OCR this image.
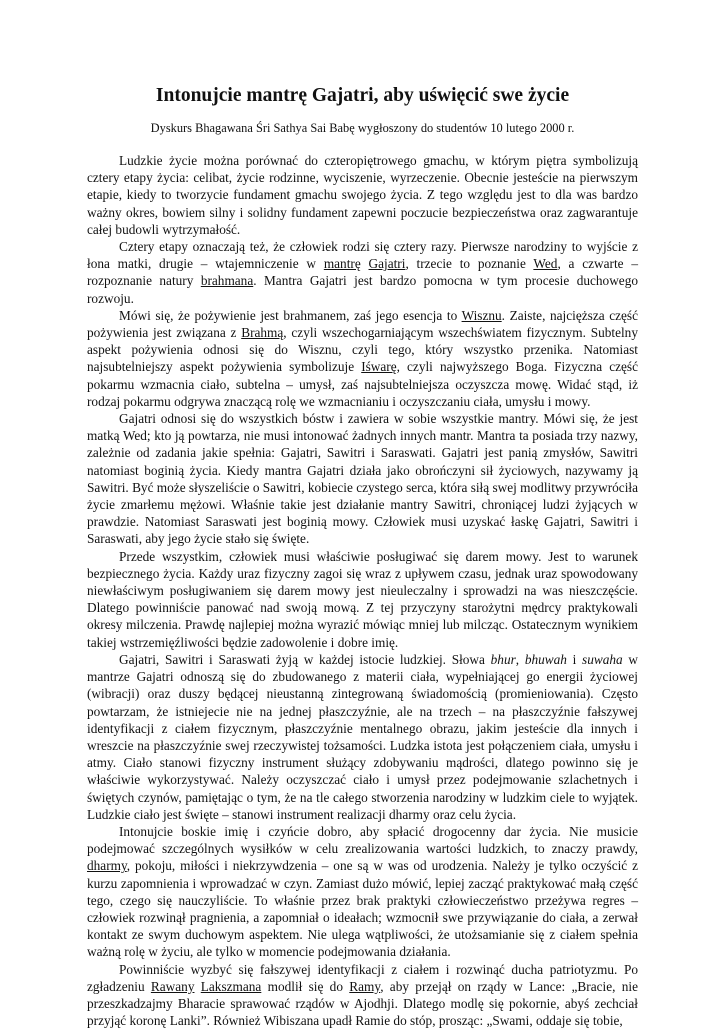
Intonujcie mantrę Gajatri, aby uświęcić swe życie
Dyskurs Bhagawana Śri Sathya Sai Babę wygłoszony do studentów 10 lutego 2000 r.

Ludzkie życie można porównać do czteropiętrowego gmachu, w którym piętra symbolizują cztery etapy życia: celibat, życie rodzinne, wyciszenie, wyrzeczenie. Obecnie jesteście na pierwszym etapie, kiedy to tworzycie fundament gmachu swojego życia. Z tego względu jest to dla was bardzo ważny okres, bowiem silny i solidny fundament zapewni poczucie bezpieczeństwa oraz zagwarantuje całej budowli wytrzymałość.

Cztery etapy oznaczają też, że człowiek rodzi się cztery razy. Pierwsze narodziny to wyjście z łona matki, drugie – wtajemniczenie w mantrę Gajatri, trzecie to poznanie Wed, a czwarte – rozpoznanie natury brahmana. Mantra Gajatri jest bardzo pomocna w tym procesie duchowego rozwoju.

Mówi się, że pożywienie jest brahmanem, zaś jego esencja to Wisznu. Zaiste, najcięższa część pożywienia jest związana z Brahmą, czyli wszechogarniającym wszechświatem fizycznym. Subtelny aspekt pożywienia odnosi się do Wisznu, czyli tego, który wszystko przenika. Natomiast najsubtelniejszy aspekt pożywienia symbolizuje Iśwarę, czyli najwyższego Boga. Fizyczna część pokarmu wzmacnia ciało, subtelna – umysł, zaś najsubtelniejsza oczyszcza mowę. Widać stąd, iż rodzaj pokarmu odgrywa znaczącą rolę we wzmacnianiu i oczyszczaniu ciała, umysłu i mowy.

Gajatri odnosi się do wszystkich bóstw i zawiera w sobie wszystkie mantry. Mówi się, że jest matką Wed; kto ją powtarza, nie musi intonować żadnych innych mantr. Mantra ta posiada trzy nazwy, zależnie od zadania jakie spełnia: Gajatri, Sawitri i Saraswati. Gajatri jest panią zmysłów, Sawitri natomiast boginią życia. Kiedy mantra Gajatri działa jako obrończyni sił życiowych, nazywamy ją Sawitri. Być może słyszeliście o Sawitri, kobiecie czystego serca, która siłą swej modlitwy przywróciła życie zmarłemu mężowi. Właśnie takie jest działanie mantry Sawitri, chroniącej ludzi żyjących w prawdzie. Natomiast Saraswati jest boginią mowy. Człowiek musi uzyskać łaskę Gajatri, Sawitri i Saraswati, aby jego życie stało się święte.

Przede wszystkim, człowiek musi właściwie posługiwać się darem mowy. Jest to warunek bezpiecznego życia. Każdy uraz fizyczny zagoi się wraz z upływem czasu, jednak uraz spowodowany niewłaściwym posługiwaniem się darem mowy jest nieuleczalny i sprowadzi na was nieszczęście. Dlatego powinniście panować nad swoją mową. Z tej przyczyny starożytni mędrcy praktykowali okresy milczenia. Prawdę najlepiej można wyrazić mówiąc mniej lub milcząc. Ostatecznym wynikiem takiej wstrzemięźliwości będzie zadowolenie i dobre imię.

Gajatri, Sawitri i Saraswati żyją w każdej istocie ludzkiej. Słowa bhur, bhuwah i suwaha w mantrze Gajatri odnoszą się do zbudowanego z materii ciała, wypełniającej go energii życiowej (wibracji) oraz duszy będącej nieustanną zintegrowaną świadomością (promieniowania). Często powtarzam, że istniejecie nie na jednej płaszczyźnie, ale na trzech – na płaszczyźnie fałszywej identyfikacji z ciałem fizycznym, płaszczyźnie mentalnego obrazu, jakim jesteście dla innych i wreszcie na płaszczyźnie swej rzeczywistej tożsamości. Ludzka istota jest połączeniem ciała, umysłu i atmy. Ciało stanowi fizyczny instrument służący zdobywaniu mądrości, dlatego powinno się je właściwie wykorzystywać. Należy oczyszczać ciało i umysł przez podejmowanie szlachetnych i świętych czynów, pamiętając o tym, że na tle całego stworzenia narodziny w ludzkim ciele to wyjątek. Ludzkie ciało jest święte – stanowi instrument realizacji dharmy oraz celu życia.

Intonujcie boskie imię i czyńcie dobro, aby spłacić drogocenny dar życia. Nie musicie podejmować szczególnych wysiłków w celu zrealizowania wartości ludzkich, to znaczy prawdy, dharmy, pokoju, miłości i niekrzywdzenia – one są w was od urodzenia. Należy je tylko oczyścić z kurzu zapomnienia i wprowadzać w czyn. Zamiast dużo mówić, lepiej zacząć praktykować małą część tego, czego się nauczyliście. To właśnie przez brak praktyki człowieczeństwo przeżywa regres – człowiek rozwinął pragnienia, a zapomniał o ideałach; wzmocnił swe przywiązanie do ciała, a zerwał kontakt ze swym duchowym aspektem. Nie ulega wątpliwości, że utożsamianie się z ciałem spełnia ważną rolę w życiu, ale tylko w momencie podejmowania działania.

Powinniście wyzbyć się fałszywej identyfikacji z ciałem i rozwinąć ducha patriotyzmu. Po zgładzeniu Rawany Lakszmana modlił się do Ramy, aby przejął on rządy w Lance: „Bracie, nie przeszkadzajmy Bharacie sprawować rządów w Ajodhji. Dlatego modlę się pokornie, abyś zechciał przyjąć koronę Lanki”. Również Wibiszana upadł Ramie do stóp, prosząc: „Swami, oddaje się tobie,
